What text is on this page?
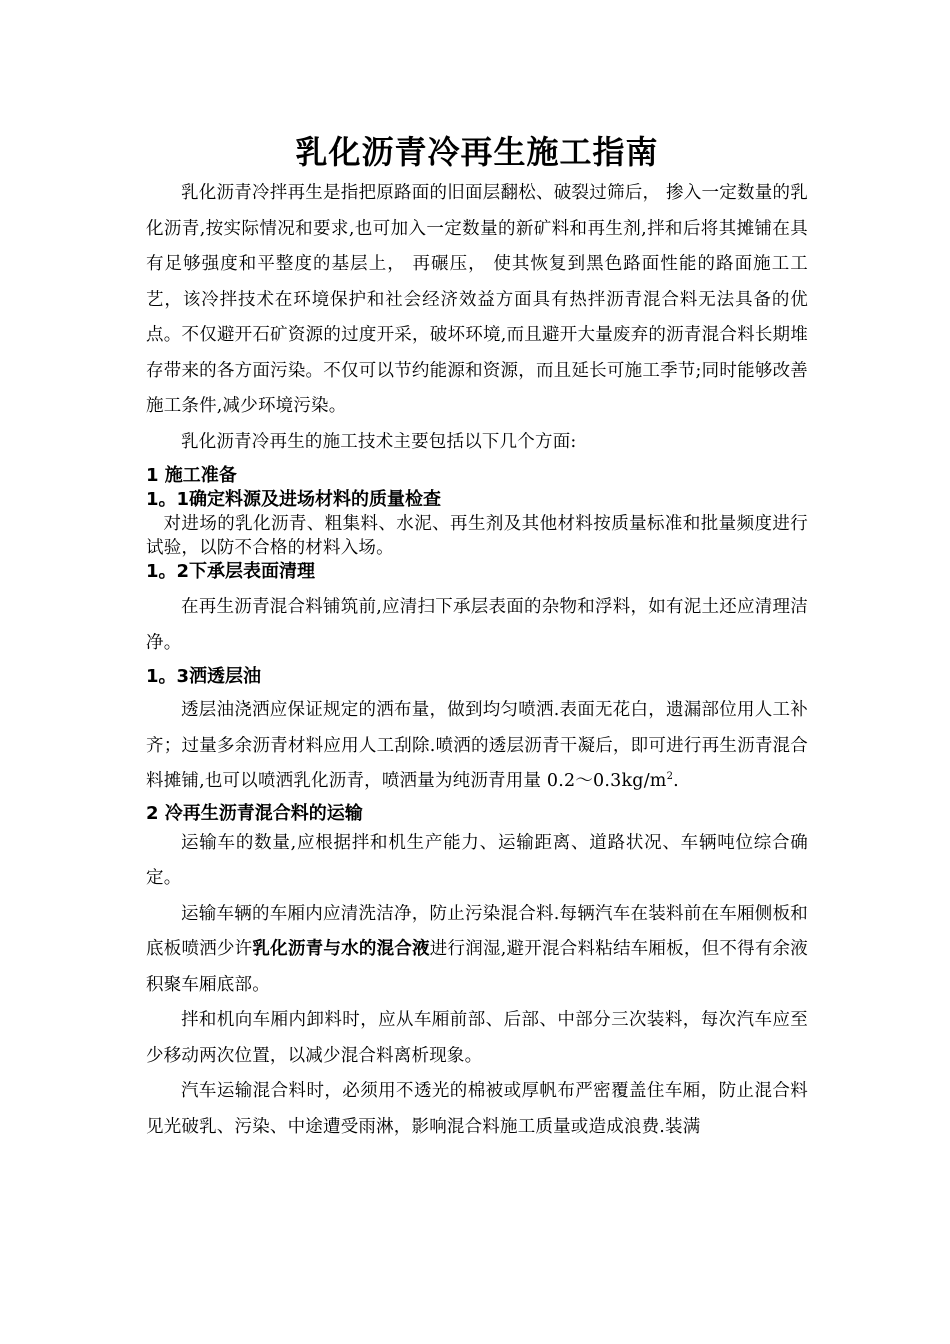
乳化沥青冷再生施工指南

乳化沥青冷拌再生是指把原路面的旧面层翻松、破裂过筛后， 掺入一定数量的乳化沥青,按实际情况和要求,也可加入一定数量的新矿料和再生剂,拌和后将其摊铺在具有足够强度和平整度的基层上， 再碾压， 使其恢复到黑色路面性能的路面施工工艺，该冷拌技术在环境保护和社会经济效益方面具有热拌沥青混合料无法具备的优点。不仅避开石矿资源的过度开采，破坏环境,而且避开大量废弃的沥青混合料长期堆存带来的各方面污染。不仅可以节约能源和资源，而且延长可施工季节;同时能够改善施工条件,减少环境污染。

乳化沥青冷再生的施工技术主要包括以下几个方面:

1 施工准备
1。1确定料源及进场材料的质量检查

对进场的乳化沥青、粗集料、水泥、再生剂及其他材料按质量标准和批量频度进行试验，以防不合格的材料入场。

1。2下承层表面清理

在再生沥青混合料铺筑前,应清扫下承层表面的杂物和浮料，如有泥土还应清理洁净。

1。3洒透层油

透层油浇洒应保证规定的洒布量，做到均匀喷洒.表面无花白，遗漏部位用人工补齐；过量多余沥青材料应用人工刮除.喷洒的透层沥青干凝后，即可进行再生沥青混合料摊铺,也可以喷洒乳化沥青，喷洒量为纯沥青用量 $0.2\sim 0.3kg/m^2$.

2 冷再生沥青混合料的运输

运输车的数量,应根据拌和机生产能力、运输距离、道路状况、车辆吨位综合确定。

运输车辆的车厢内应清洗洁净，防止污染混合料.每辆汽车在装料前在车厢侧板和底板喷洒少许乳化沥青与水的混合液进行润湿,避开混合料粘结车厢板，但不得有余液积聚车厢底部。

拌和机向车厢内卸料时，应从车厢前部、后部、中部分三次装料，每次汽车应至少移动两次位置，以减少混合料离析现象。

汽车运输混合料时，必须用不透光的棉被或厚帆布严密覆盖住车厢，防止混合料见光破乳、污染、中途遭受雨淋，影响混合料施工质量或造成浪费.装满
